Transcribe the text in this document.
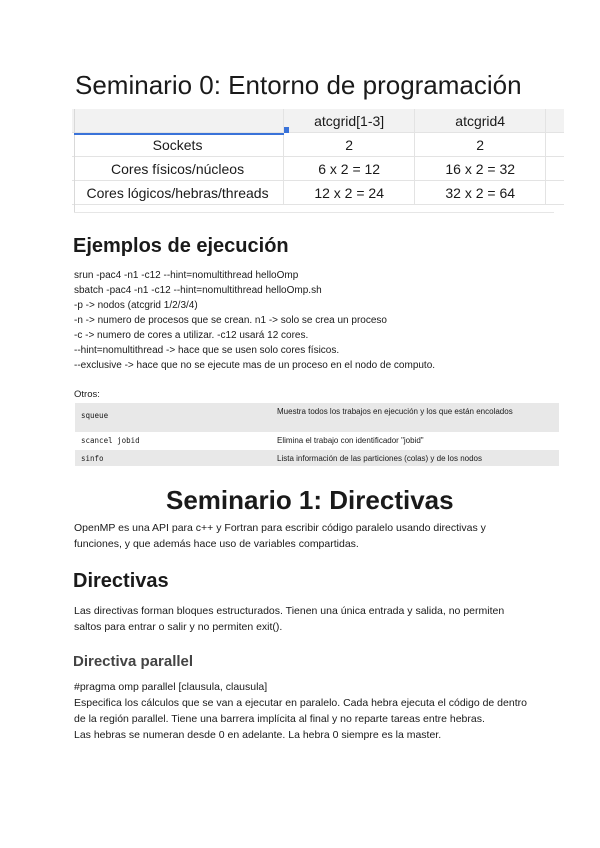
Seminario 0: Entorno de programación
	atcgrid[1-3]	atcgrid4	
Sockets	2	2	
Cores físicos/núcleos	6 x 2 = 12	16 x 2 = 32	
Cores lógicos/hebras/threads	12 x 2 = 24	32 x 2 = 64	
Ejemplos de ejecución
srun -pac4 -n1 -c12 --hint=nomultithread helloOmp
sbatch -pac4 -n1 -c12 --hint=nomultithread helloOmp.sh
-p -> nodos (atcgrid 1/2/3/4)
-n -> numero de procesos que se crean. n1 -> solo se crea un proceso
-c -> numero de cores a utilizar. -c12 usará 12 cores.
--hint=nomultithread -> hace que se usen solo cores físicos.
--exclusive -> hace que no se ejecute mas de un proceso en el nodo de computo.
Otros:
squeue	Muestra todos los trabajos en ejecución y los que están encolados
scancel jobid	Elimina el trabajo con identificador "jobid"
sinfo	Lista información de las particiones (colas) y de los nodos
Seminario 1: Directivas
OpenMP es una API para c++ y Fortran para escribir código paralelo usando directivas y funciones, y que además hace uso de variables compartidas.
Directivas
Las directivas forman bloques estructurados. Tienen una única entrada y salida, no permiten saltos para entrar o salir y no permiten exit().
Directiva parallel
#pragma omp parallel [clausula, clausula]
Especifica los cálculos que se van a ejecutar en paralelo. Cada hebra ejecuta el código de dentro de la región parallel. Tiene una barrera implícita al final y no reparte tareas entre hebras.
Las hebras se numeran desde 0 en adelante. La hebra 0 siempre es la master.
